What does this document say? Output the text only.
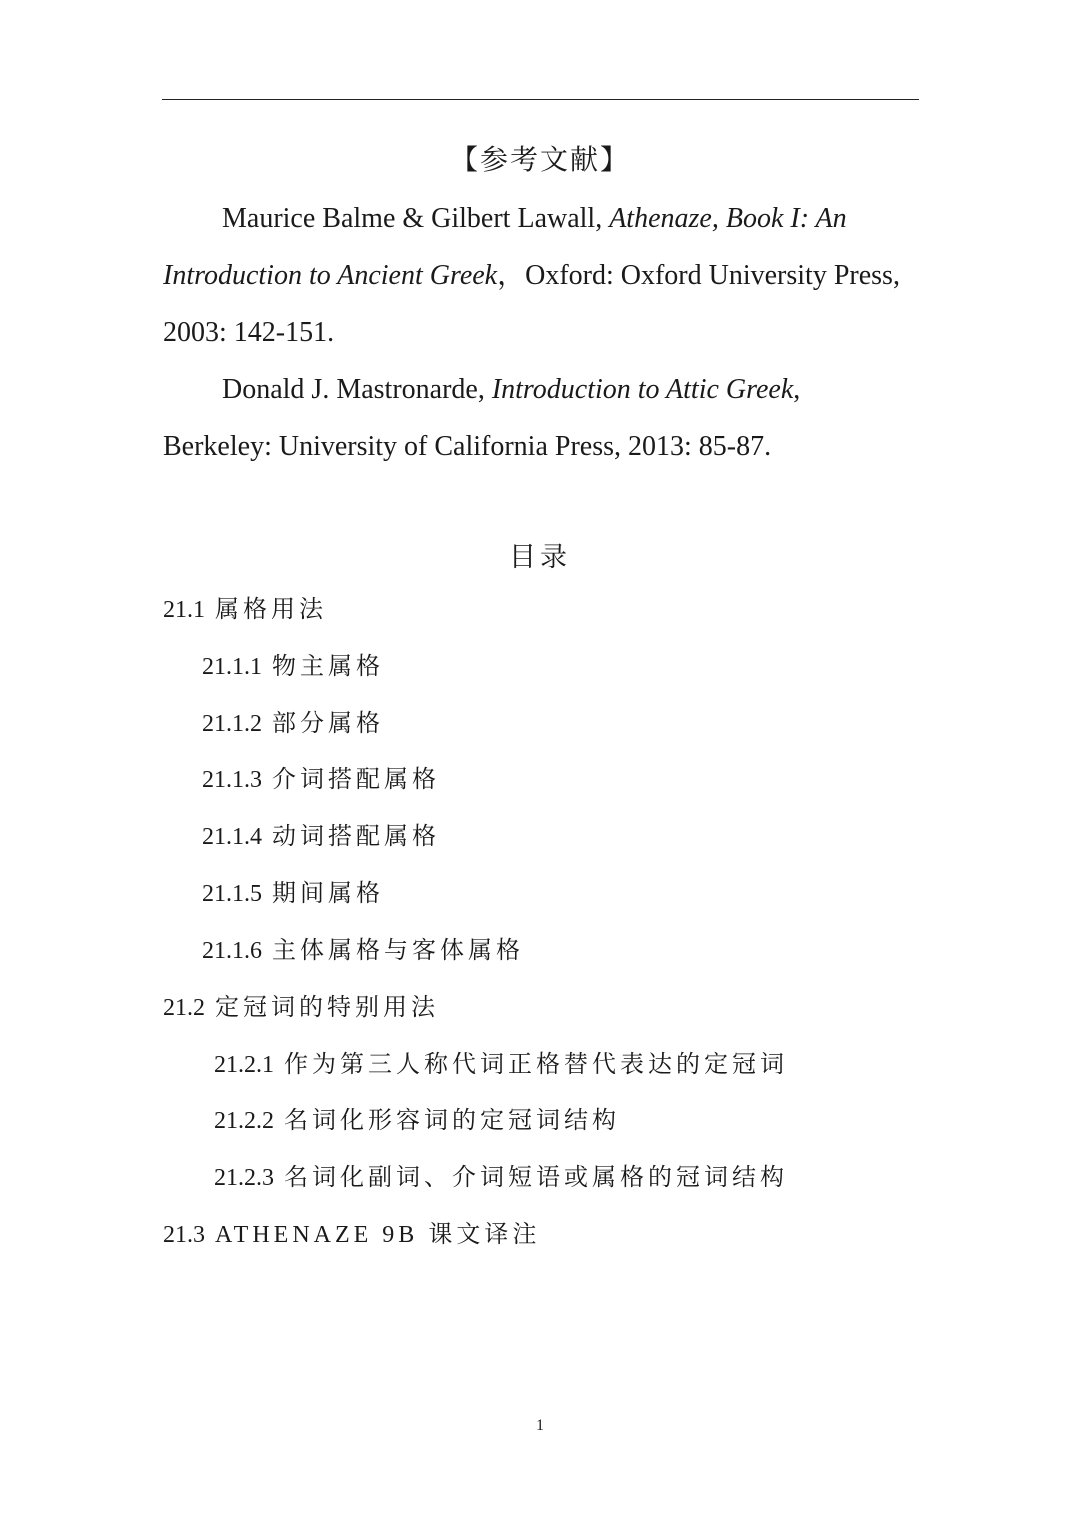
【参考文献】

Maurice Balme & Gilbert Lawall, Athenaze, Book I: An Introduction to Ancient Greek，Oxford: Oxford University Press, 2003: 142-151.

Donald J. Mastronarde, Introduction to Attic Greek, Berkeley: University of California Press, 2013: 85-87.

目录
21.1 属格用法
21.1.1 物主属格
21.1.2 部分属格
21.1.3 介词搭配属格
21.1.4 动词搭配属格
21.1.5 期间属格
21.1.6 主体属格与客体属格
21.2 定冠词的特别用法
21.2.1 作为第三人称代词正格替代表达的定冠词
21.2.2 名词化形容词的定冠词结构
21.2.3 名词化副词、介词短语或属格的冠词结构
21.3 ATHENAZE 9B 课文译注
1
